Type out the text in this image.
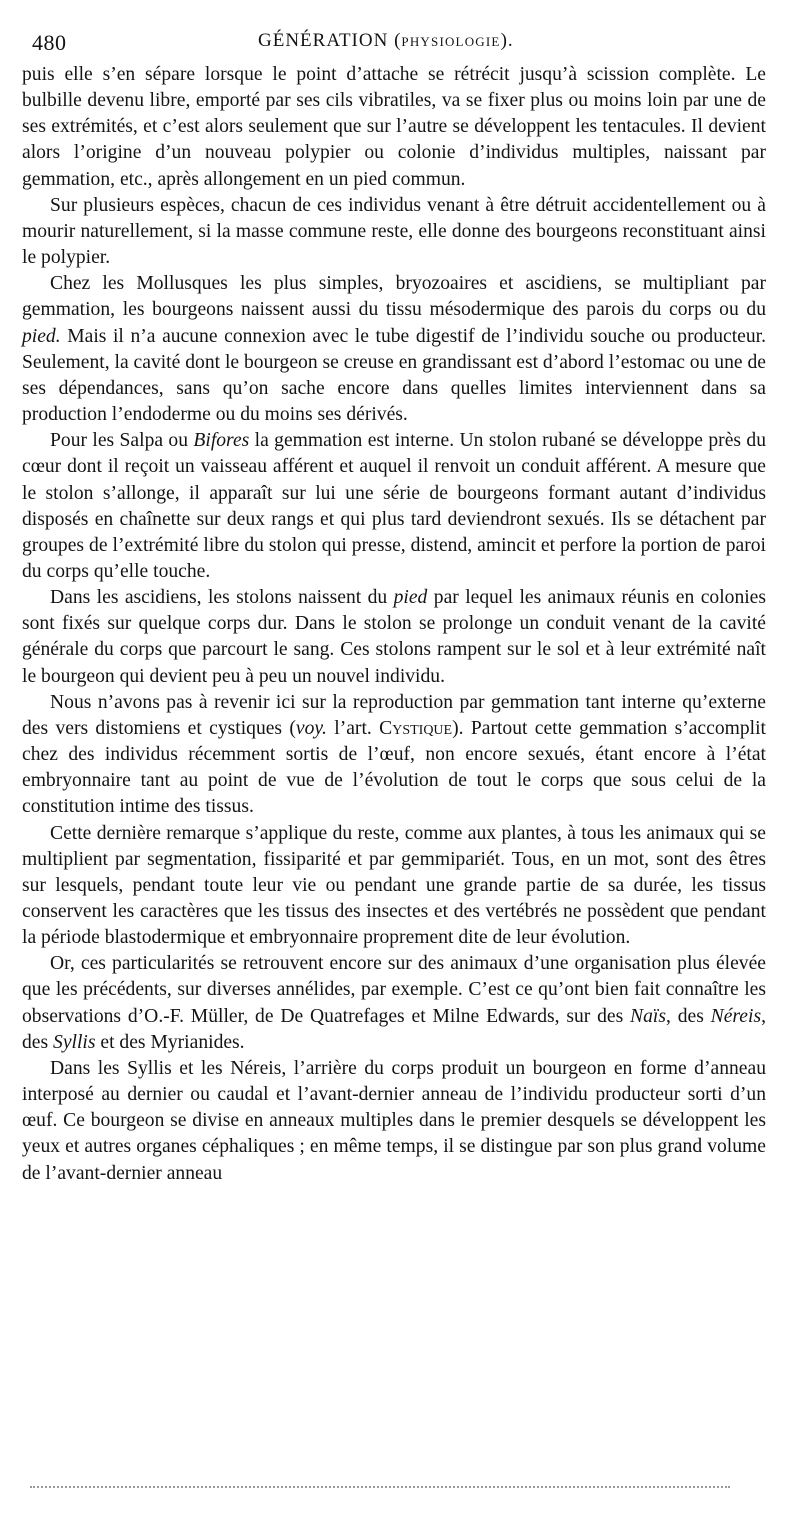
480	GÉNÉRATION (PHYSIOLOGIE).

puis elle s’en sépare lorsque le point d’attache se rétrécit jusqu’à scission complète. Le bulbille devenu libre, emporté par ses cils vibratiles, va se fixer plus ou moins loin par une de ses extrémités, et c’est alors seulement que sur l’autre se développent les tentacules. Il devient alors l’origine d’un nouveau polypier ou colonie d’individus multiples, naissant par gemmation, etc., après allongement en un pied commun.

Sur plusieurs espèces, chacun de ces individus venant à être détruit accidentellement ou à mourir naturellement, si la masse commune reste, elle donne des bourgeons reconstituant ainsi le polypier.

Chez les Mollusques les plus simples, bryozoaires et ascidiens, se multipliant par gemmation, les bourgeons naissent aussi du tissu mésodermique des parois du corps ou du pied. Mais il n’a aucune connexion avec le tube digestif de l’individu souche ou producteur. Seulement, la cavité dont le bourgeon se creuse en grandissant est d’abord l’estomac ou une de ses dépendances, sans qu’on sache encore dans quelles limites interviennent dans sa production l’endoderme ou du moins ses dérivés.

Pour les Salpa ou Bifores la gemmation est interne. Un stolon rubané se développe près du cœur dont il reçoit un vaisseau afférent et auquel il renvoit un conduit afférent. A mesure que le stolon s’allonge, il apparaît sur lui une série de bourgeons formant autant d’individus disposés en chaînette sur deux rangs et qui plus tard deviendront sexués. Ils se détachent par groupes de l’extrémité libre du stolon qui presse, distend, amincit et perfore la portion de paroi du corps qu’elle touche.

Dans les ascidiens, les stolons naissent du pied par lequel les animaux réunis en colonies sont fixés sur quelque corps dur. Dans le stolon se prolonge un conduit venant de la cavité générale du corps que parcourt le sang. Ces stolons rampent sur le sol et à leur extrémité naît le bourgeon qui devient peu à peu un nouvel individu.

Nous n’avons pas à revenir ici sur la reproduction par gemmation tant interne qu’externe des vers distomiens et cystiques (voy. l’art. Cystique). Partout cette gemmation s’accomplit chez des individus récemment sortis de l’œuf, non encore sexués, étant encore à l’état embryonnaire tant au point de vue de l’évolution de tout le corps que sous celui de la constitution intime des tissus.

Cette dernière remarque s’applique du reste, comme aux plantes, à tous les animaux qui se multiplient par segmentation, fissiparité et par gemmipariét. Tous, en un mot, sont des êtres sur lesquels, pendant toute leur vie ou pendant une grande partie de sa durée, les tissus conservent les caractères que les tissus des insectes et des vertébrés ne possèdent que pendant la période blastodermique et embryonnaire proprement dite de leur évolution.

Or, ces particularités se retrouvent encore sur des animaux d’une organisation plus élevée que les précédents, sur diverses annélides, par exemple. C’est ce qu’ont bien fait connaître les observations d’O.-F. Müller, de De Quatrefages et Milne Edwards, sur des Naïs, des Néreis, des Syllis et des Myrianides.

Dans les Syllis et les Néreis, l’arrière du corps produit un bourgeon en forme d’anneau interposé au dernier ou caudal et l’avant-dernier anneau de l’individu producteur sorti d’un œuf. Ce bourgeon se divise en anneaux multiples dans le premier desquels se développent les yeux et autres organes céphaliques ; en même temps, il se distingue par son plus grand volume de l’avant-dernier anneau
